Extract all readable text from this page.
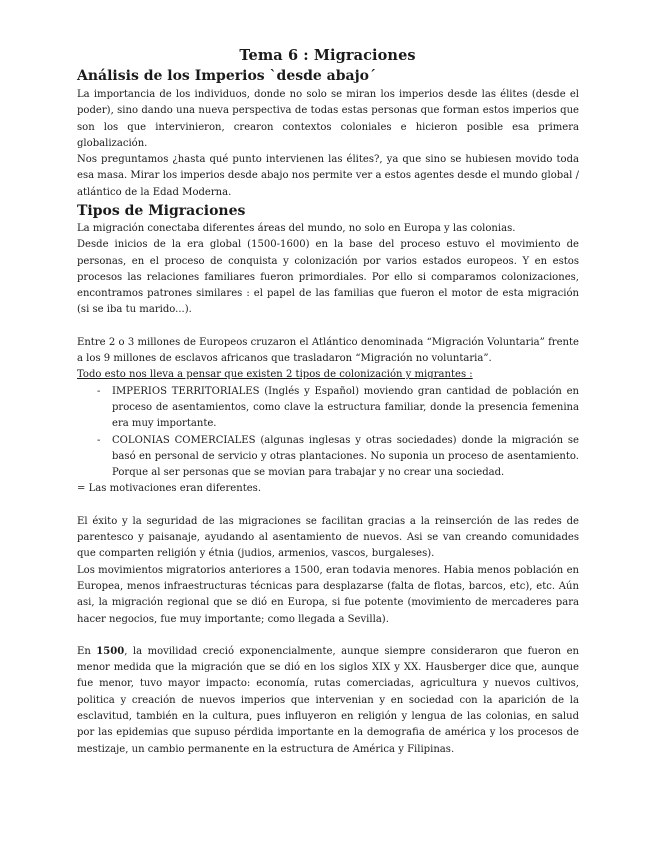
Tema 6 : Migraciones
Análisis de los Imperios `desde abajo´

La importancia de los individuos, donde no solo se miran los imperios desde las élites (desde el poder), sino dando una nueva perspectiva de todas estas personas que forman estos imperios que son los que intervinieron, crearon contextos coloniales e hicieron posible esa primera globalización.

Nos preguntamos ¿hasta qué punto intervienen las élites?, ya que sino se hubiesen movido toda esa masa. Mirar los imperios desde abajo nos permite ver a estos agentes desde el mundo global / atlántico de la Edad Moderna.

Tipos de Migraciones

La migración conectaba diferentes áreas del mundo, no solo en Europa y las colonias.

Desde inicios de la era global (1500-1600) en la base del proceso estuvo el movimiento de personas, en el proceso de conquista y colonización por varios estados europeos. Y en estos procesos las relaciones familiares fueron primordiales. Por ello si comparamos colonizaciones, encontramos patrones similares : el papel de las familias que fueron el motor de esta migración (si se iba tu marido...).

Entre 2 o 3 millones de Europeos cruzaron el Atlántico denominada “Migración Voluntaria” frente a los 9 millones de esclavos africanos que trasladaron “Migración no voluntaria”.

Todo esto nos lleva a pensar que existen 2 tipos de colonización y migrantes :

- IMPERIOS TERRITORIALES (Inglés y Español) moviendo gran cantidad de población en proceso de asentamientos, como clave la estructura familiar, donde la presencia femenina era muy importante.
- COLONIAS COMERCIALES (algunas inglesas y otras sociedades) donde la migración se basó en personal de servicio y otras plantaciones. No suponia un proceso de asentamiento. Porque al ser personas que se movian para trabajar y no crear una sociedad.

= Las motivaciones eran diferentes.

El éxito y la seguridad de las migraciones se facilitan gracias a la reinserción de las redes de parentesco y paisanaje, ayudando al asentamiento de nuevos. Asi se van creando comunidades que comparten religión y étnia (judios, armenios, vascos, burgaleses).

Los movimientos migratorios anteriores a 1500, eran todavia menores. Habia menos población en Europea, menos infraestructuras técnicas para desplazarse (falta de flotas, barcos, etc), etc. Aún asi, la migración regional que se dió en Europa, si fue potente (movimiento de mercaderes para hacer negocios, fue muy importante; como llegada a Sevilla).

En 1500, la movilidad creció exponencialmente, aunque siempre consideraron que fueron en menor medida que la migración que se dió en los siglos XIX y XX. Hausberger dice que, aunque fue menor, tuvo mayor impacto: economía, rutas comerciadas, agricultura y nuevos cultivos, politica y creación de nuevos imperios que intervenian y en sociedad con la aparición de la esclavitud, también en la cultura, pues influyeron en religión y lengua de las colonias, en salud por las epidemias que supuso pérdida importante en la demografia de américa y los procesos de mestizaje, un cambio permanente en la estructura de América y Filipinas.
